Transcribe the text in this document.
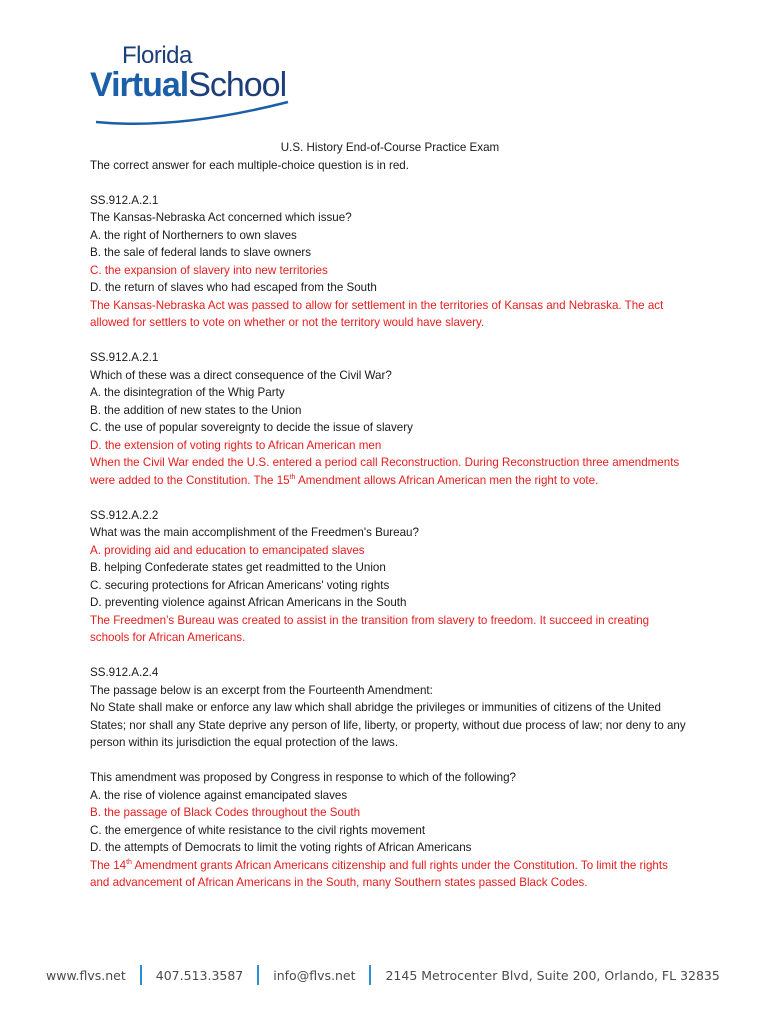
Florida
VirtualSchool
U.S. History End-of-Course Practice Exam
The correct answer for each multiple-choice question is in red.
SS.912.A.2.1
The Kansas-Nebraska Act concerned which issue?
A. the right of Northerners to own slaves
B. the sale of federal lands to slave owners
C. the expansion of slavery into new territories
D. the return of slaves who had escaped from the South
The Kansas-Nebraska Act was passed to allow for settlement in the territories of Kansas and Nebraska. The act allowed for settlers to vote on whether or not the territory would have slavery.
SS.912.A.2.1
Which of these was a direct consequence of the Civil War?
A. the disintegration of the Whig Party
B. the addition of new states to the Union
C. the use of popular sovereignty to decide the issue of slavery
D. the extension of voting rights to African American men
When the Civil War ended the U.S. entered a period call Reconstruction. During Reconstruction three amendments were added to the Constitution. The 15th Amendment allows African American men the right to vote.
SS.912.A.2.2
What was the main accomplishment of the Freedmen's Bureau?
A. providing aid and education to emancipated slaves
B. helping Confederate states get readmitted to the Union
C. securing protections for African Americans' voting rights
D. preventing violence against African Americans in the South
The Freedmen’s Bureau was created to assist in the transition from slavery to freedom. It succeed in creating schools for African Americans.
SS.912.A.2.4
The passage below is an excerpt from the Fourteenth Amendment:
No State shall make or enforce any law which shall abridge the privileges or immunities of citizens of the United States; nor shall any State deprive any person of life, liberty, or property, without due process of law; nor deny to any person within its jurisdiction the equal protection of the laws.
This amendment was proposed by Congress in response to which of the following?
A. the rise of violence against emancipated slaves
B. the passage of Black Codes throughout the South
C. the emergence of white resistance to the civil rights movement
D. the attempts of Democrats to limit the voting rights of African Americans
The 14th Amendment grants African Americans citizenship and full rights under the Constitution. To limit the rights and advancement of African Americans in the South, many Southern states passed Black Codes.
www.flvs.net 407.513.3587 info@flvs.net 2145 Metrocenter Blvd, Suite 200, Orlando, FL 32835
